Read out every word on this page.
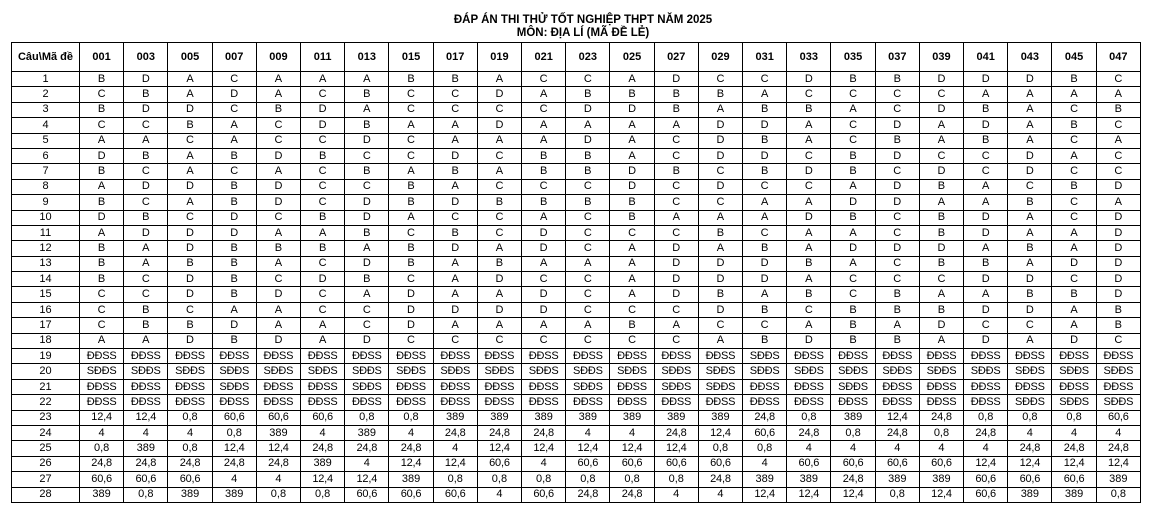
ĐÁP ÁN THI THỬ TỐT NGHIỆP THPT NĂM 2025
MÔN: ĐỊA LÍ (MÃ ĐỀ LẺ)
Câu\Mã đề	001	003	005	007	009	011	013	015	017	019	021	023	025	027	029	031	033	035	037	039	041	043	045	047
1	B	D	A	C	A	A	A	B	B	A	C	C	A	D	C	C	D	B	B	D	D	D	B	C
2	C	B	A	D	A	C	B	C	C	D	A	B	B	B	B	A	C	C	C	C	A	A	A	A
3	B	D	D	C	B	D	A	C	C	C	C	D	D	B	A	B	B	A	C	D	B	A	C	B
4	C	C	B	A	C	D	B	A	A	D	A	A	A	A	D	D	A	C	D	A	D	A	B	C
5	A	A	C	A	C	C	D	C	A	A	A	D	A	C	D	B	A	C	B	A	B	A	C	A
6	D	B	A	B	D	B	C	C	D	C	B	B	A	C	D	D	C	B	D	C	C	D	A	C
7	B	C	A	C	A	C	B	A	B	A	B	B	D	B	C	B	D	B	C	D	C	D	C	C
8	A	D	D	B	D	C	C	B	A	C	C	C	D	C	D	C	C	A	D	B	A	C	B	D
9	B	C	A	B	D	C	D	B	D	B	B	B	B	C	C	A	A	D	D	A	A	B	C	A
10	D	B	C	D	C	B	D	A	C	C	A	C	B	A	A	A	D	B	C	B	D	A	C	D
11	A	D	D	D	A	A	B	C	B	C	D	C	C	C	B	C	A	A	C	B	D	A	A	D
12	B	A	D	B	B	B	A	B	D	A	D	C	A	D	A	B	A	D	D	D	A	B	A	D
13	B	A	B	B	A	C	D	B	A	B	A	A	A	D	D	D	B	A	C	B	B	A	D	D
14	B	C	D	B	C	D	B	C	A	D	C	C	A	D	D	D	A	C	C	C	D	D	C	D
15	C	C	D	B	D	C	A	D	A	A	D	C	A	D	B	A	B	C	B	A	A	B	B	D
16	C	B	C	A	A	C	C	D	D	D	D	C	C	C	D	B	C	B	B	B	D	D	A	B
17	C	B	B	D	A	A	C	D	A	A	A	A	B	A	C	C	A	B	A	D	C	C	A	B
18	A	A	D	B	D	A	D	C	C	C	C	C	C	C	A	B	D	B	B	A	D	A	D	C
19	ĐĐSS	ĐĐSS	ĐĐSS	ĐĐSS	ĐĐSS	ĐĐSS	ĐĐSS	ĐĐSS	ĐĐSS	ĐĐSS	ĐĐSS	ĐĐSS	ĐĐSS	ĐĐSS	ĐĐSS	SĐĐS	ĐĐSS	ĐĐSS	ĐĐSS	ĐĐSS	ĐĐSS	ĐĐSS	ĐĐSS	ĐĐSS
20	SĐĐS	SĐĐS	SĐĐS	SĐĐS	SĐĐS	SĐĐS	SĐĐS	SĐĐS	SĐĐS	SĐĐS	SĐĐS	SĐĐS	SĐĐS	SĐĐS	SĐĐS	SĐĐS	SĐĐS	SĐĐS	SĐĐS	SĐĐS	SĐĐS	SĐĐS	SĐĐS	SĐĐS
21	ĐĐSS	ĐĐSS	ĐĐSS	SĐĐS	ĐĐSS	ĐĐSS	SĐĐS	ĐĐSS	ĐĐSS	ĐĐSS	ĐĐSS	SĐĐS	ĐĐSS	SĐĐS	SĐĐS	ĐĐSS	ĐĐSS	SĐĐS	ĐĐSS	ĐĐSS	ĐĐSS	ĐĐSS	ĐĐSS	ĐĐSS
22	ĐĐSS	ĐĐSS	ĐĐSS	ĐĐSS	ĐĐSS	ĐĐSS	ĐĐSS	ĐĐSS	ĐĐSS	ĐĐSS	ĐĐSS	ĐĐSS	ĐĐSS	ĐĐSS	ĐĐSS	ĐĐSS	ĐĐSS	ĐĐSS	ĐĐSS	ĐĐSS	ĐĐSS	SĐĐS	SĐĐS	SĐĐS
23	12,4	12,4	0,8	60,6	60,6	60,6	0,8	0,8	389	389	389	389	389	389	389	24,8	0,8	389	12,4	24,8	0,8	0,8	0,8	60,6
24	4	4	4	0,8	389	4	389	4	24,8	24,8	24,8	4	4	24,8	12,4	60,6	24,8	0,8	24,8	0,8	24,8	4	4	4
25	0,8	389	0,8	12,4	12,4	24,8	24,8	24,8	4	12,4	12,4	12,4	12,4	12,4	0,8	0,8	4	4	4	4	4	24,8	24,8	24,8
26	24,8	24,8	24,8	24,8	24,8	389	4	12,4	12,4	60,6	4	60,6	60,6	60,6	60,6	4	60,6	60,6	60,6	60,6	12,4	12,4	12,4	12,4
27	60,6	60,6	60,6	4	4	12,4	12,4	389	0,8	0,8	0,8	0,8	0,8	0,8	24,8	389	389	24,8	389	389	60,6	60,6	60,6	389
28	389	0,8	389	389	0,8	0,8	60,6	60,6	60,6	4	60,6	24,8	24,8	4	4	12,4	12,4	12,4	0,8	12,4	60,6	389	389	0,8
